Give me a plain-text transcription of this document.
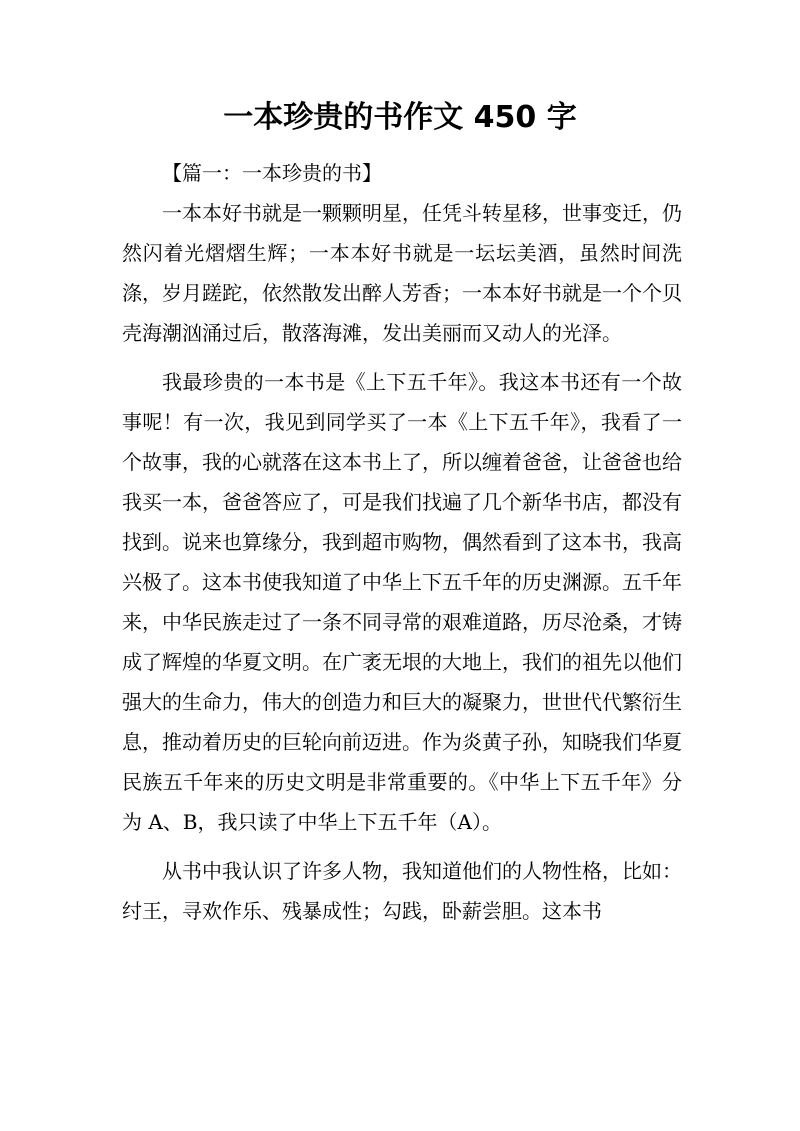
一本珍贵的书作文 450 字

【篇一：一本珍贵的书】

一本本好书就是一颗颗明星，任凭斗转星移，世事变迁，仍然闪着光熠熠生辉；一本本好书就是一坛坛美酒，虽然时间洗涤，岁月蹉跎，依然散发出醉人芳香；一本本好书就是一个个贝壳海潮汹涌过后，散落海滩，发出美丽而又动人的光泽。

我最珍贵的一本书是《上下五千年》。我这本书还有一个故事呢！有一次，我见到同学买了一本《上下五千年》，我看了一个故事，我的心就落在这本书上了，所以缠着爸爸，让爸爸也给我买一本，爸爸答应了，可是我们找遍了几个新华书店，都没有找到。说来也算缘分，我到超市购物，偶然看到了这本书，我高兴极了。这本书使我知道了中华上下五千年的历史渊源。五千年来，中华民族走过了一条不同寻常的艰难道路，历尽沧桑，才铸成了辉煌的华夏文明。在广袤无垠的大地上，我们的祖先以他们强大的生命力，伟大的创造力和巨大的凝聚力，世世代代繁衍生息，推动着历史的巨轮向前迈进。作为炎黄子孙，知晓我们华夏民族五千年来的历史文明是非常重要的。《中华上下五千年》分为 A、B，我只读了中华上下五千年（A）。

从书中我认识了许多人物，我知道他们的人物性格，比如：纣王，寻欢作乐、残暴成性；勾践，卧薪尝胆。这本书
